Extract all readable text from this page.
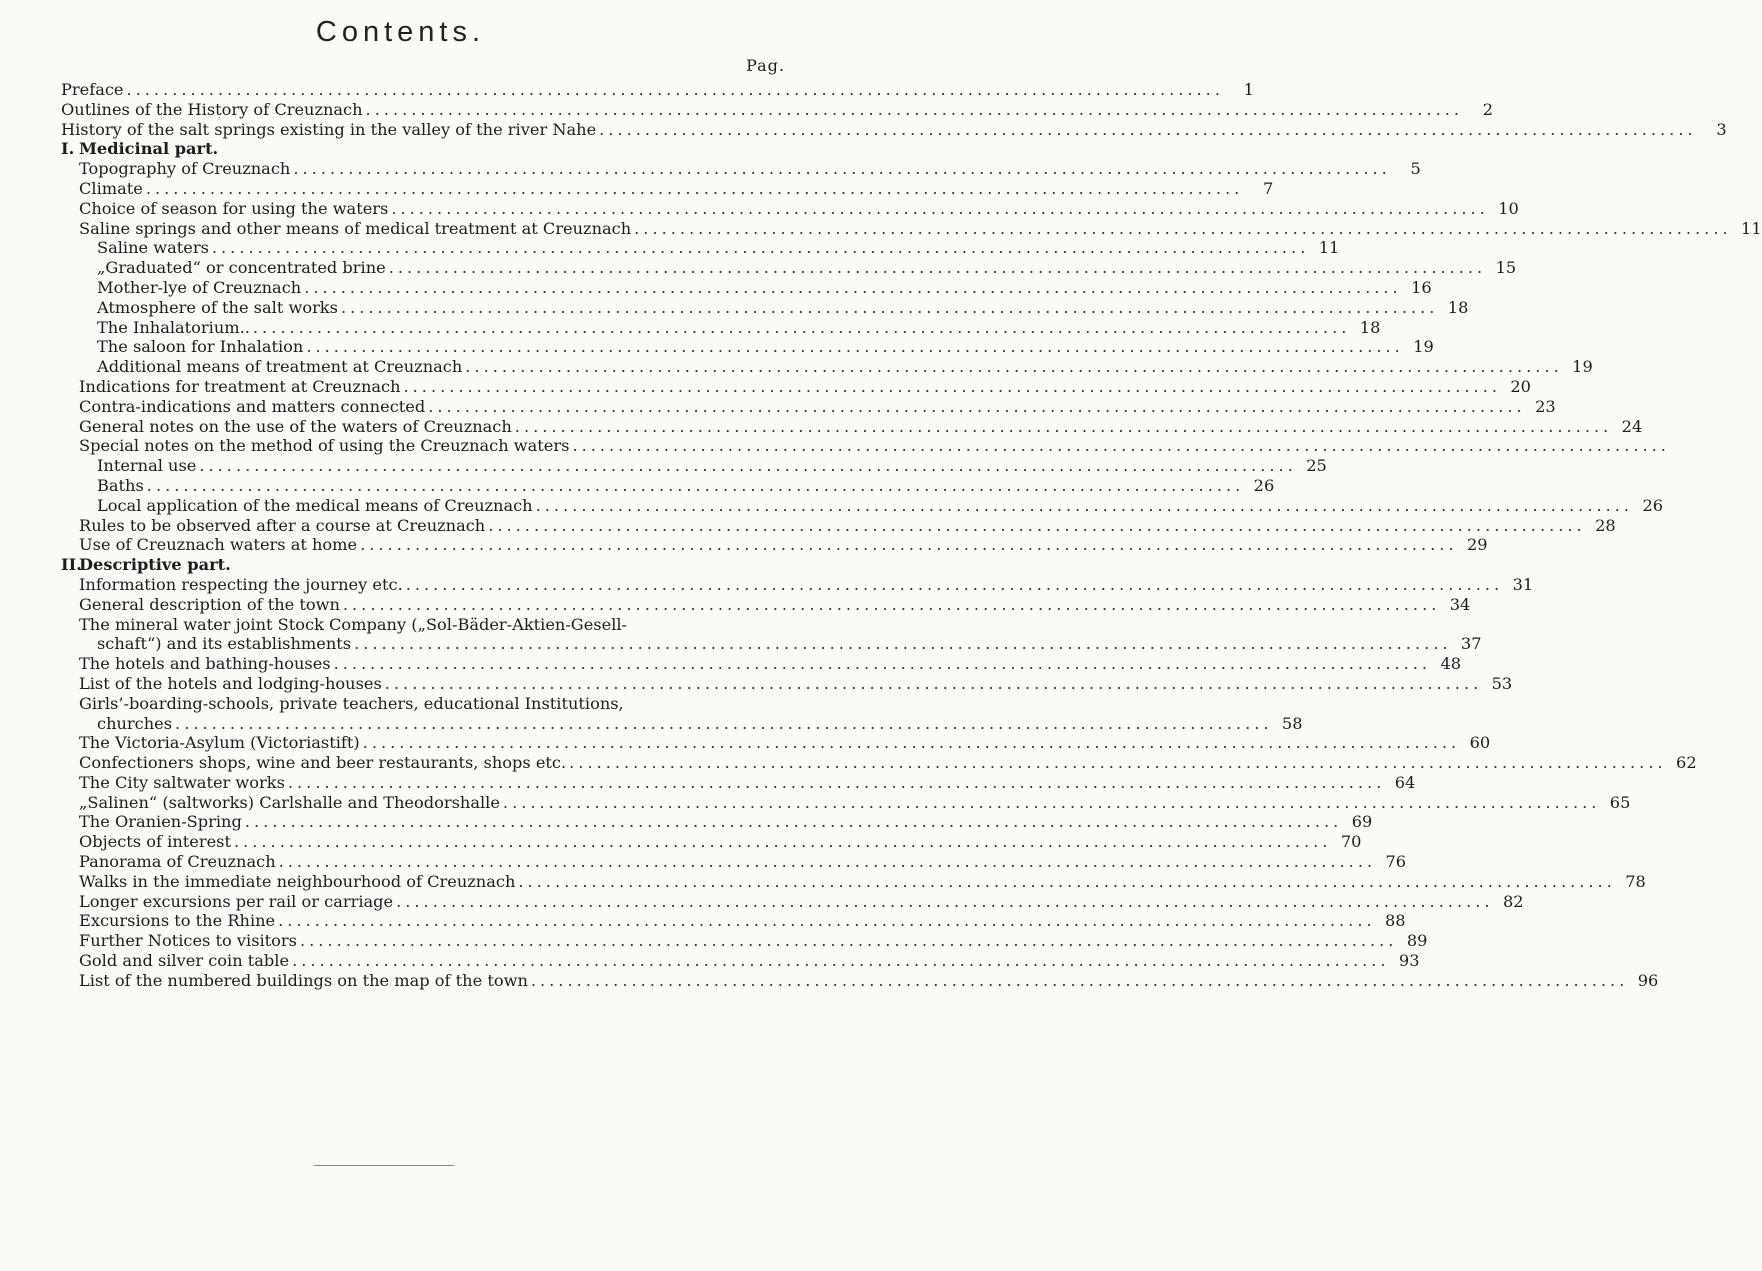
Contents.
Pag.
Preface ........................................................................................................................	1
Outlines of the History of Creuznach ........................................................................................................................	2
History of the salt springs existing in the valley of the river Nahe ........................................................................................................................	3
I. Medicinal part.
Topography of Creuznach ........................................................................................................................	5
Climate ........................................................................................................................	7
Choice of season for using the waters ........................................................................................................................ 10
Saline springs and other means of medical treatment at Creuznach ........................................................................................................................ 11
Saline waters ........................................................................................................................ 11
„Graduated“ or concentrated brine ........................................................................................................................ 15
Mother-lye of Creuznach ........................................................................................................................ 16
Atmosphere of the salt works ........................................................................................................................ 18
The Inhalatorium.. ........................................................................................................................ 18
The saloon for Inhalation ........................................................................................................................ 19
Additional means of treatment at Creuznach ........................................................................................................................ 19
Indications for treatment at Creuznach ........................................................................................................................ 20
Contra-indications and matters connected ........................................................................................................................ 23
General notes on the use of the waters of Creuznach ........................................................................................................................ 24
Special notes on the method of using the Creuznach waters ........................................................................................................................
Internal use ........................................................................................................................ 25
Baths ........................................................................................................................ 26
Local application of the medical means of Creuznach ........................................................................................................................ 26
Rules to be observed after a course at Creuznach ........................................................................................................................ 28
Use of Creuznach waters at home ........................................................................................................................ 29
II.
Descriptive part.
Information respecting the journey etc. ........................................................................................................................ 31
General description of the town ........................................................................................................................ 34
The mineral water joint Stock Company („Sol-Bäder-Aktien-Gesell-
schaft“) and its establishments ........................................................................................................................ 37
The hotels and bathing-houses ........................................................................................................................ 48
List of the hotels and lodging-houses ........................................................................................................................ 53
Girls’-boarding-schools, private teachers, educational Institutions,
churches ........................................................................................................................ 58
The Victoria-Asylum (Victoriastift) ........................................................................................................................ 60
Confectioners shops, wine and beer restaurants, shops etc. ........................................................................................................................ 62
The City saltwater works ........................................................................................................................ 64
„Salinen“ (saltworks) Carlshalle and Theodorshalle ........................................................................................................................ 65
The Oranien-Spring ........................................................................................................................ 69
Objects of interest ........................................................................................................................ 70
Panorama of Creuznach ........................................................................................................................ 76
Walks in the immediate neighbourhood of Creuznach ........................................................................................................................ 78
Longer excursions per rail or carriage ........................................................................................................................ 82
Excursions to the Rhine ........................................................................................................................ 88
Further Notices to visitors ........................................................................................................................ 89
Gold and silver coin table ........................................................................................................................ 93
List of the numbered buildings on the map of the town ........................................................................................................................ 96
